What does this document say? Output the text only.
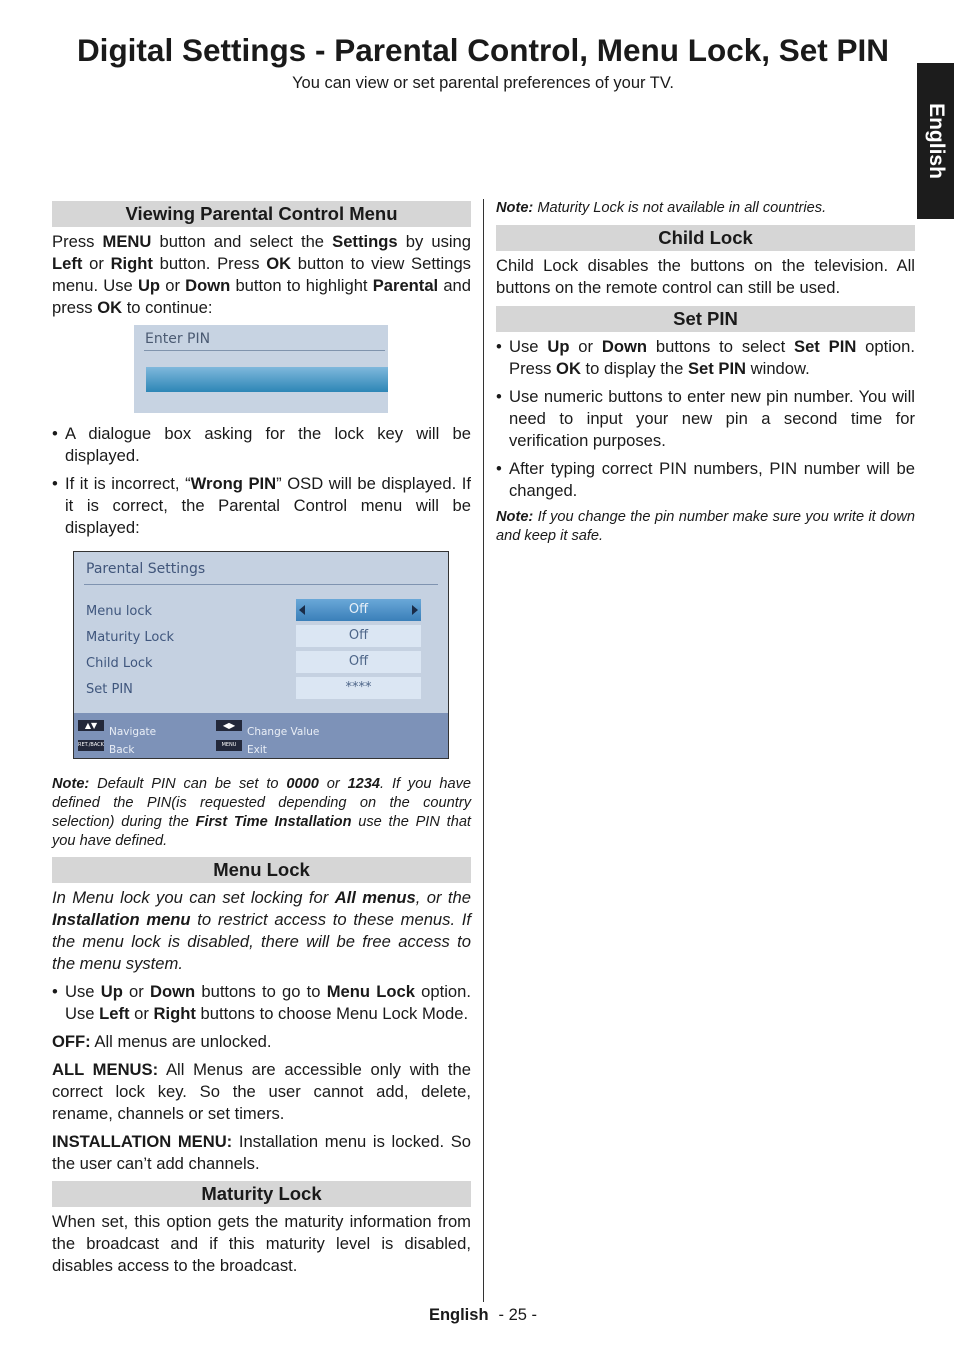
Digital Settings - Parental Control, Menu Lock, Set PIN
You can view or set parental preferences of your TV.
English
Viewing Parental Control Menu

Press MENU button and select the Settings by using Left or Right button. Press OK button to view Settings menu. Use Up or Down button to highlight Parental and press OK to continue:

Enter PIN
• A dialogue box asking for the lock key will be displayed.
• If it is incorrect, “Wrong PIN” OSD will be displayed. If it is correct, the Parental Control menu will be displayed:
Parental Settings
Menu lock	Off
Maturity Lock	Off
Child Lock	Off
Set PIN	****
▲▼
Navigate
RET./BACK Back
◀▶
Change Value
MENU	Exit

Note: Default PIN can be set to 0000 or 1234. If you have defined the PIN(is requested depending on the country selection) during the First Time Installation use the PIN that you have defined.

Menu Lock

In Menu lock you can set locking for All menus, or the Installation menu to restrict access to these menus. If the menu lock is disabled, there will be free access to the menu system.

• Use Up or Down buttons to go to Menu Lock option. Use Left or Right buttons to choose Menu Lock Mode.

OFF: All menus are unlocked.

ALL MENUS: All Menus are accessible only with the correct lock key. So the user cannot add, delete, rename, channels or set timers.

INSTALLATION MENU: Installation menu is locked. So the user can’t add channels.

Maturity Lock

When set, this option gets the maturity information from the broadcast and if this maturity level is disabled, disables access to the broadcast.

Note: Maturity Lock is not available in all countries.

Child Lock

Child Lock disables the buttons on the television. All buttons on the remote control can still be used.

Set PIN
• Use Up or Down buttons to select Set PIN option. Press OK to display the Set PIN window.
• Use numeric buttons to enter new pin number. You will need to input your new pin a second time for verification purposes.
• After typing correct PIN numbers, PIN number will be changed.

Note: If you change the pin number make sure you write it down and keep it safe.

English - 25 -
